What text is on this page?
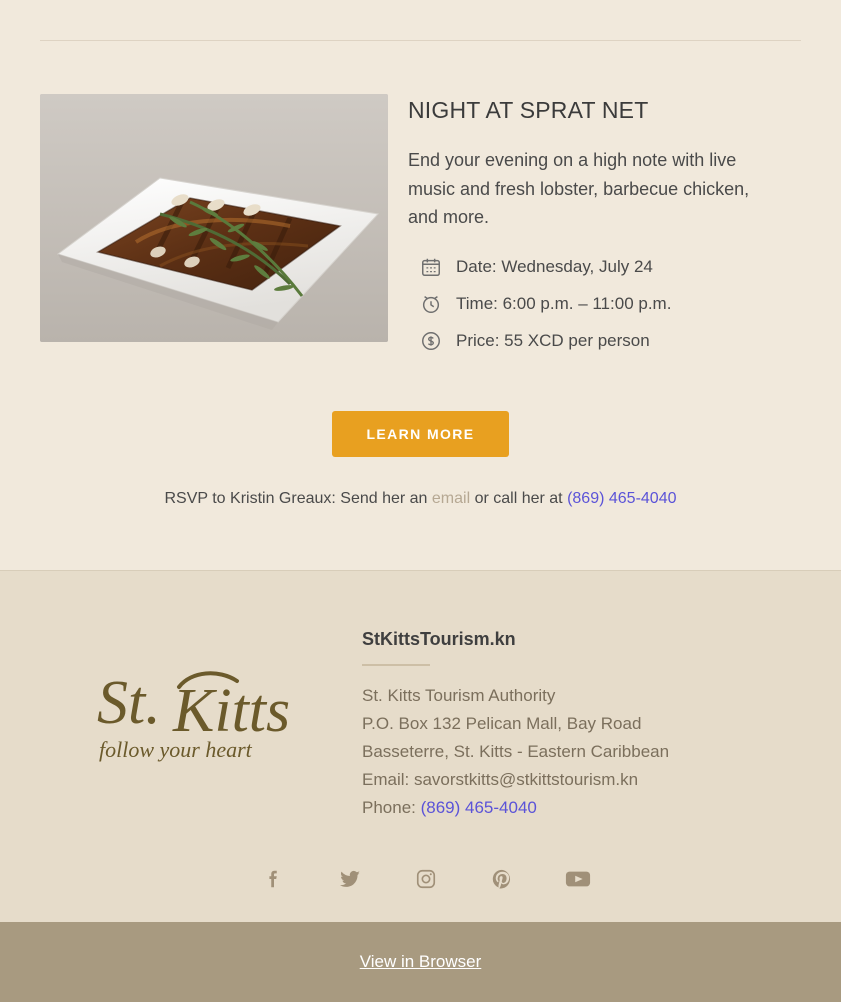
NIGHT AT SPRAT NET

End your evening on a high note with live music and fresh lobster, barbecue chicken, and more.

Date: Wednesday, July 24
Time: 6:00 p.m. – 11:00 p.m.
Price: 55 XCD per person
LEARN MORE
RSVP to Kristin Greaux: Send her an email or call her at (869) 465-4040
St. Kitts
follow your heart
StKittsTourism.kn
St. Kitts Tourism Authority
P.O. Box 132 Pelican Mall, Bay Road
Basseterre, St. Kitts - Eastern Caribbean
Email: savorstkitts@stkittstourism.kn
Phone: (869) 465-4040
View in Browser
